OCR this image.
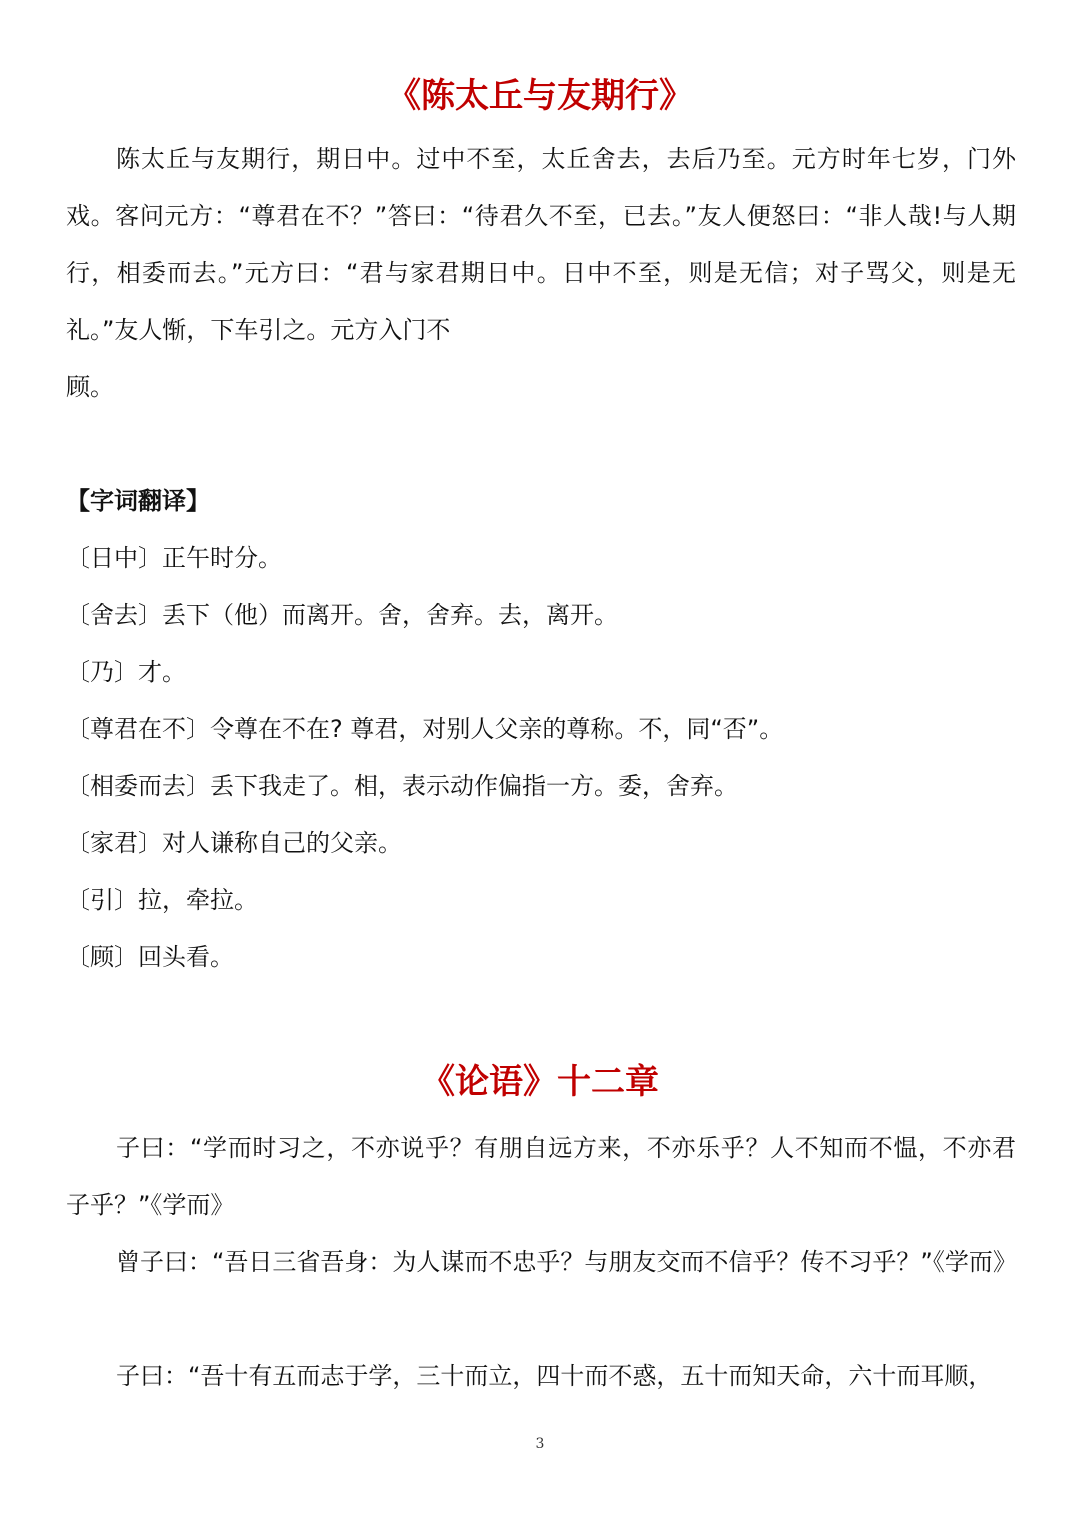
《陈太丘与友期行》

陈太丘与友期行，期日中。过中不至，太丘舍去，去后乃至。元方时年七岁，门外戏。客问元方：“尊君在不？”答曰：“待君久不至，已去。”友人便怒曰：“非人哉!与人期行，相委而去。”元方曰：“君与家君期日中。日中不至，则是无信；对子骂父，则是无礼。”友人惭，下车引之。元方入门不

顾。

【字词翻译】
〔日中〕正午时分。
〔舍去〕丢下（他）而离开。舍，舍弃。去，离开。
〔乃〕才。
〔尊君在不〕令尊在不在? 尊君，对别人父亲的尊称。不，同“否”。
〔相委而去〕丢下我走了。相，表示动作偏指一方。委，舍弃。
〔家君〕对人谦称自己的父亲。
〔引〕拉，牵拉。
〔顾〕回头看。
《论语》十二章

子曰：“学而时习之，不亦说乎？有朋自远方来，不亦乐乎？人不知而不愠，不亦君子乎？”《学而》

曾子曰：“吾日三省吾身：为人谋而不忠乎？与朋友交而不信乎？传不习乎？”《学而》

子曰：“吾十有五而志于学，三十而立，四十而不惑，五十而知天命，六十而耳顺，

3
